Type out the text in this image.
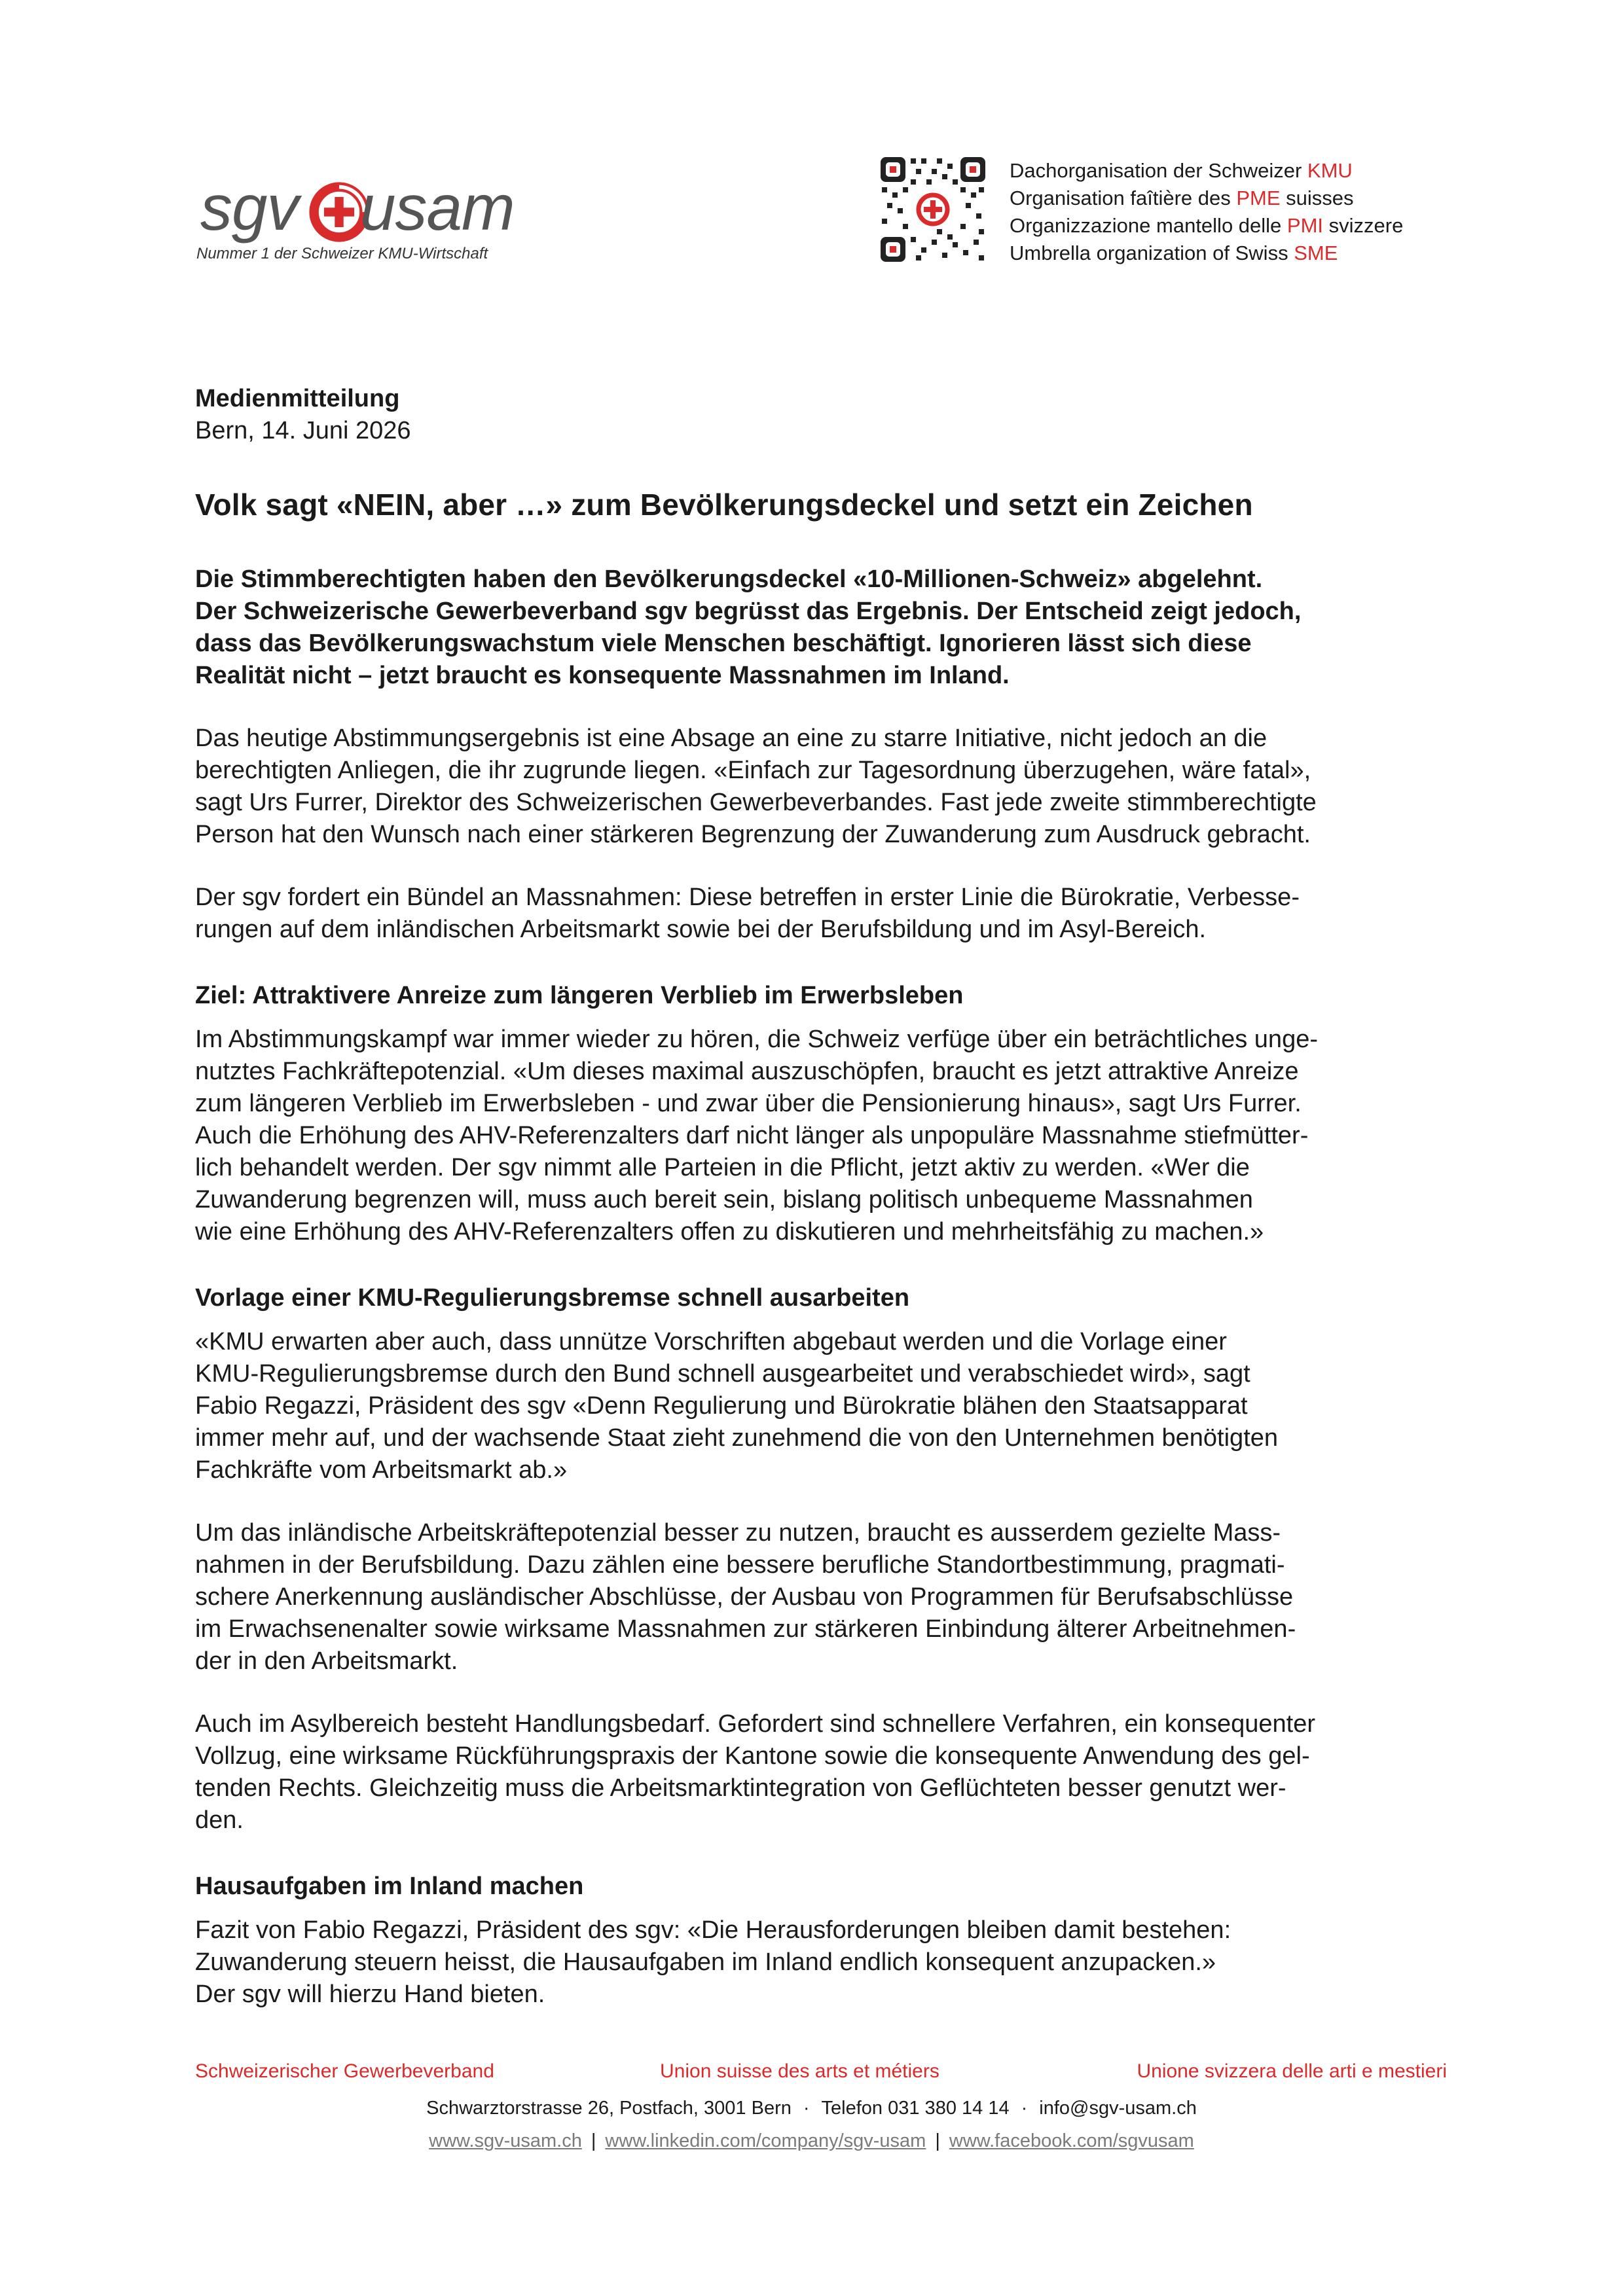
sgv usam
Nummer 1 der Schweizer KMU-Wirtschaft
Dachorganisation der Schweizer KMU
Organisation faîtière des PME suisses
Organizzazione mantello delle PMI svizzere
Umbrella organization of Swiss SME
Medienmitteilung
Bern, 14. Juni 2026
Volk sagt «NEIN, aber …» zum Bevölkerungsdeckel und setzt ein Zeichen
Die Stimmberechtigten haben den Bevölkerungsdeckel «10-Millionen-Schweiz» abgelehnt.
Der Schweizerische Gewerbeverband sgv begrüsst das Ergebnis. Der Entscheid zeigt jedoch,
dass das Bevölkerungswachstum viele Menschen beschäftigt. Ignorieren lässt sich diese
Realität nicht – jetzt braucht es konsequente Massnahmen im Inland.
Das heutige Abstimmungsergebnis ist eine Absage an eine zu starre Initiative, nicht jedoch an die
berechtigten Anliegen, die ihr zugrunde liegen. «Einfach zur Tagesordnung überzugehen, wäre fatal»,
sagt Urs Furrer, Direktor des Schweizerischen Gewerbeverbandes. Fast jede zweite stimmberechtigte
Person hat den Wunsch nach einer stärkeren Begrenzung der Zuwanderung zum Ausdruck gebracht.
Der sgv fordert ein Bündel an Massnahmen: Diese betreffen in erster Linie die Bürokratie, Verbesse-
rungen auf dem inländischen Arbeitsmarkt sowie bei der Berufsbildung und im Asyl-Bereich.
Ziel: Attraktivere Anreize zum längeren Verblieb im Erwerbsleben
Im Abstimmungskampf war immer wieder zu hören, die Schweiz verfüge über ein beträchtliches unge-
nutztes Fachkräftepotenzial. «Um dieses maximal auszuschöpfen, braucht es jetzt attraktive Anreize
zum längeren Verblieb im Erwerbsleben - und zwar über die Pensionierung hinaus», sagt Urs Furrer.
Auch die Erhöhung des AHV-Referenzalters darf nicht länger als unpopuläre Massnahme stiefmütter-
lich behandelt werden. Der sgv nimmt alle Parteien in die Pflicht, jetzt aktiv zu werden. «Wer die
Zuwanderung begrenzen will, muss auch bereit sein, bislang politisch unbequeme Massnahmen
wie eine Erhöhung des AHV-Referenzalters offen zu diskutieren und mehrheitsfähig zu machen.»
Vorlage einer KMU-Regulierungsbremse schnell ausarbeiten
«KMU erwarten aber auch, dass unnütze Vorschriften abgebaut werden und die Vorlage einer
KMU-Regulierungsbremse durch den Bund schnell ausgearbeitet und verabschiedet wird», sagt
Fabio Regazzi, Präsident des sgv «Denn Regulierung und Bürokratie blähen den Staatsapparat
immer mehr auf, und der wachsende Staat zieht zunehmend die von den Unternehmen benötigten
Fachkräfte vom Arbeitsmarkt ab.»
Um das inländische Arbeitskräftepotenzial besser zu nutzen, braucht es ausserdem gezielte Mass-
nahmen in der Berufsbildung. Dazu zählen eine bessere berufliche Standortbestimmung, pragmati-
schere Anerkennung ausländischer Abschlüsse, der Ausbau von Programmen für Berufsabschlüsse
im Erwachsenenalter sowie wirksame Massnahmen zur stärkeren Einbindung älterer Arbeitnehmen-
der in den Arbeitsmarkt.
Auch im Asylbereich besteht Handlungsbedarf. Gefordert sind schnellere Verfahren, ein konsequenter
Vollzug, eine wirksame Rückführungspraxis der Kantone sowie die konsequente Anwendung des gel-
tenden Rechts. Gleichzeitig muss die Arbeitsmarktintegration von Geflüchteten besser genutzt wer-
den.
Hausaufgaben im Inland machen
Fazit von Fabio Regazzi, Präsident des sgv: «Die Herausforderungen bleiben damit bestehen:
Zuwanderung steuern heisst, die Hausaufgaben im Inland endlich konsequent anzupacken.»
Der sgv will hierzu Hand bieten.
Schweizerischer Gewerbeverband	Union suisse des arts et métiers	Unione svizzera delle arti e mestieri
Schwarztorstrasse 26, Postfach, 3001 Bern · Telefon 031 380 14 14 · info@sgv-usam.ch
www.sgv-usam.ch | www.linkedin.com/company/sgv-usam | www.facebook.com/sgvusam
